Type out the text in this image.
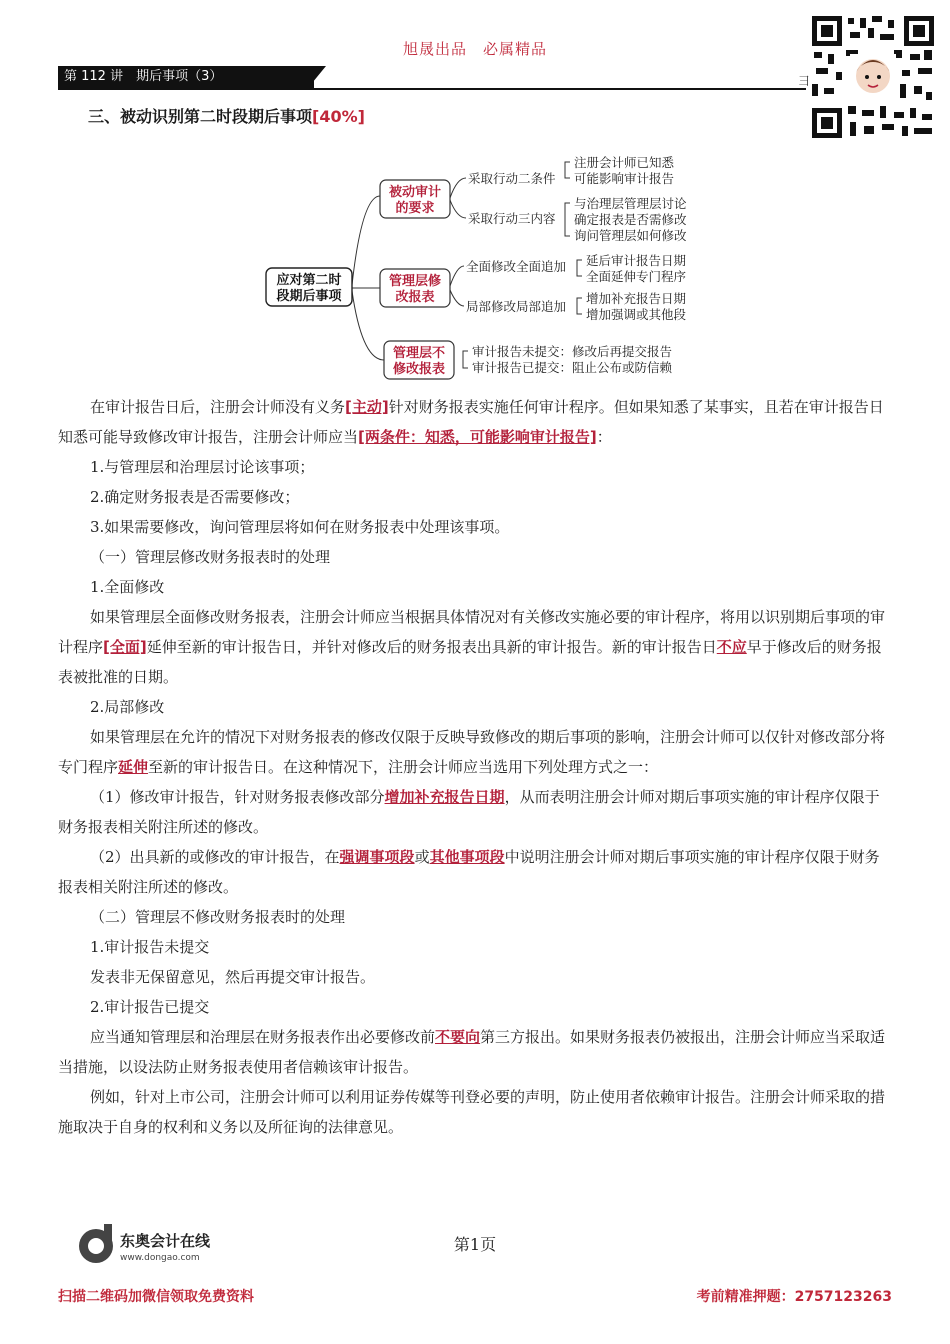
旭晟出品　必属精品
第 112 讲　期后事项（3）	彐
三、被动识别第二时段期后事项[40%]
应对第二时
段期后事项
被动审计
的要求
管理层修
改报表
管理层不
修改报表
采取行动二条件
采取行动三内容
全面修改全面追加
局部修改局部追加
注册会计师已知悉
可能影响审计报告
与治理层管理层讨论
确定报表是否需修改
询问管理层如何修改
延后审计报告日期
全面延伸专门程序
增加补充报告日期
增加强调或其他段
审计报告未提交：修改后再提交报告
审计报告已提交：阻止公布或防信赖

在审计报告日后，注册会计师没有义务[主动]针对财务报表实施任何审计程序。但如果知悉了某事实，且若在审计报告日知悉可能导致修改审计报告，注册会计师应当[两条件：知悉，可能影响审计报告]：

1.与管理层和治理层讨论该事项；

2.确定财务报表是否需要修改；

3.如果需要修改，询问管理层将如何在财务报表中处理该事项。

（一）管理层修改财务报表时的处理

1.全面修改

如果管理层全面修改财务报表，注册会计师应当根据具体情况对有关修改实施必要的审计程序，将用以识别期后事项的审计程序[全面]延伸至新的审计报告日，并针对修改后的财务报表出具新的审计报告。新的审计报告日不应早于修改后的财务报表被批准的日期。

2.局部修改

如果管理层在允许的情况下对财务报表的修改仅限于反映导致修改的期后事项的影响，注册会计师可以仅针对修改部分将专门程序延伸至新的审计报告日。在这种情况下，注册会计师应当选用下列处理方式之一：

（1）修改审计报告，针对财务报表修改部分增加补充报告日期，从而表明注册会计师对期后事项实施的审计程序仅限于财务报表相关附注所述的修改。

（2）出具新的或修改的审计报告，在强调事项段或其他事项段中说明注册会计师对期后事项实施的审计程序仅限于财务报表相关附注所述的修改。

（二）管理层不修改财务报表时的处理

1.审计报告未提交

发表非无保留意见，然后再提交审计报告。

2.审计报告已提交

应当通知管理层和治理层在财务报表作出必要修改前不要向第三方报出。如果财务报表仍被报出，注册会计师应当采取适当措施，以设法防止财务报表使用者信赖该审计报告。

例如，针对上市公司，注册会计师可以利用证券传媒等刊登必要的声明，防止使用者依赖审计报告。注册会计师采取的措施取决于自身的权利和义务以及所征询的法律意见。

东奥会计在线
www.dongao.com
第1页
扫描二维码加微信领取免费资料	考前精准押题：2757123263
